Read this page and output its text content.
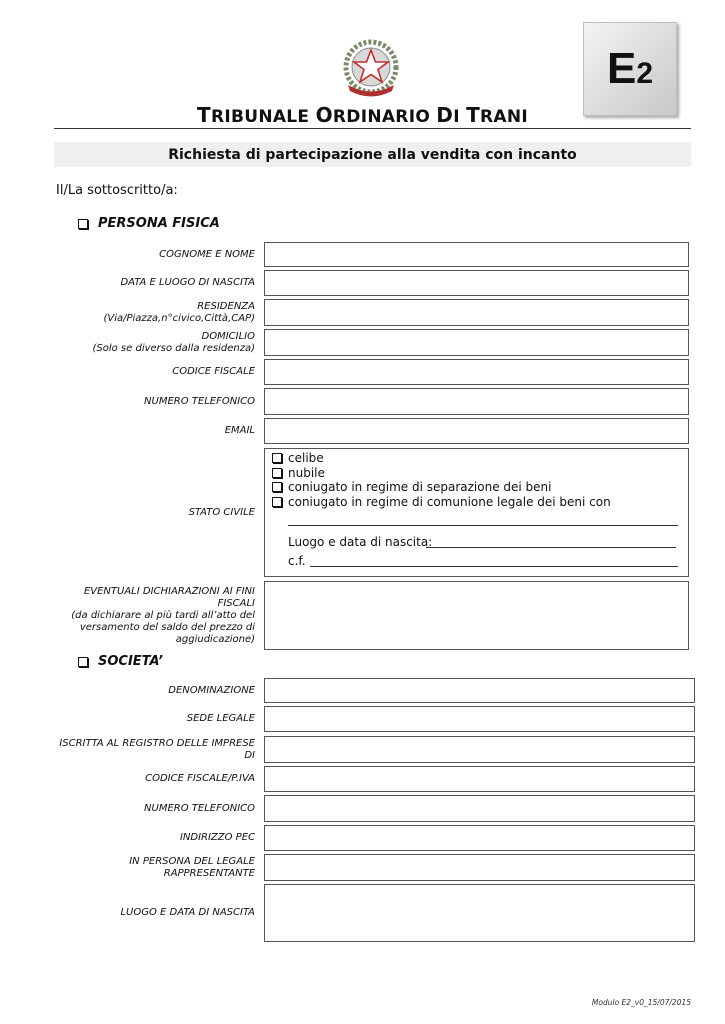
E 2
TRIBUNALE ORDINARIO DI TRANI
Richiesta di partecipazione alla vendita con incanto
Il/La sottoscritto/a:
PERSONA FISICA
COGNOME E NOME
DATA E LUOGO DI NASCITA
RESIDENZA
(Via/Piazza,n°civico,Città,CAP)
DOMICILIO
(Solo se diverso dalla residenza)
CODICE FISCALE
NUMERO TELEFONICO
EMAIL
STATO CIVILE
celibe
nubile
coniugato in regime di separazione dei beni
coniugato in regime di comunione legale dei beni con
Luogo e data di nascita:
c.f.
EVENTUALI DICHIARAZIONI AI FINI
FISCALI
(da dichiarare al più tardi all’atto del
versamento del saldo del prezzo di
aggiudicazione)
SOCIETA’
DENOMINAZIONE
SEDE LEGALE
ISCRITTA AL REGISTRO DELLE IMPRESE
DI
CODICE FISCALE/P.IVA
NUMERO TELEFONICO
INDIRIZZO PEC
IN PERSONA DEL LEGALE
RAPPRESENTANTE
LUOGO E DATA DI NASCITA
Modulo E2_v0_15/07/2015
